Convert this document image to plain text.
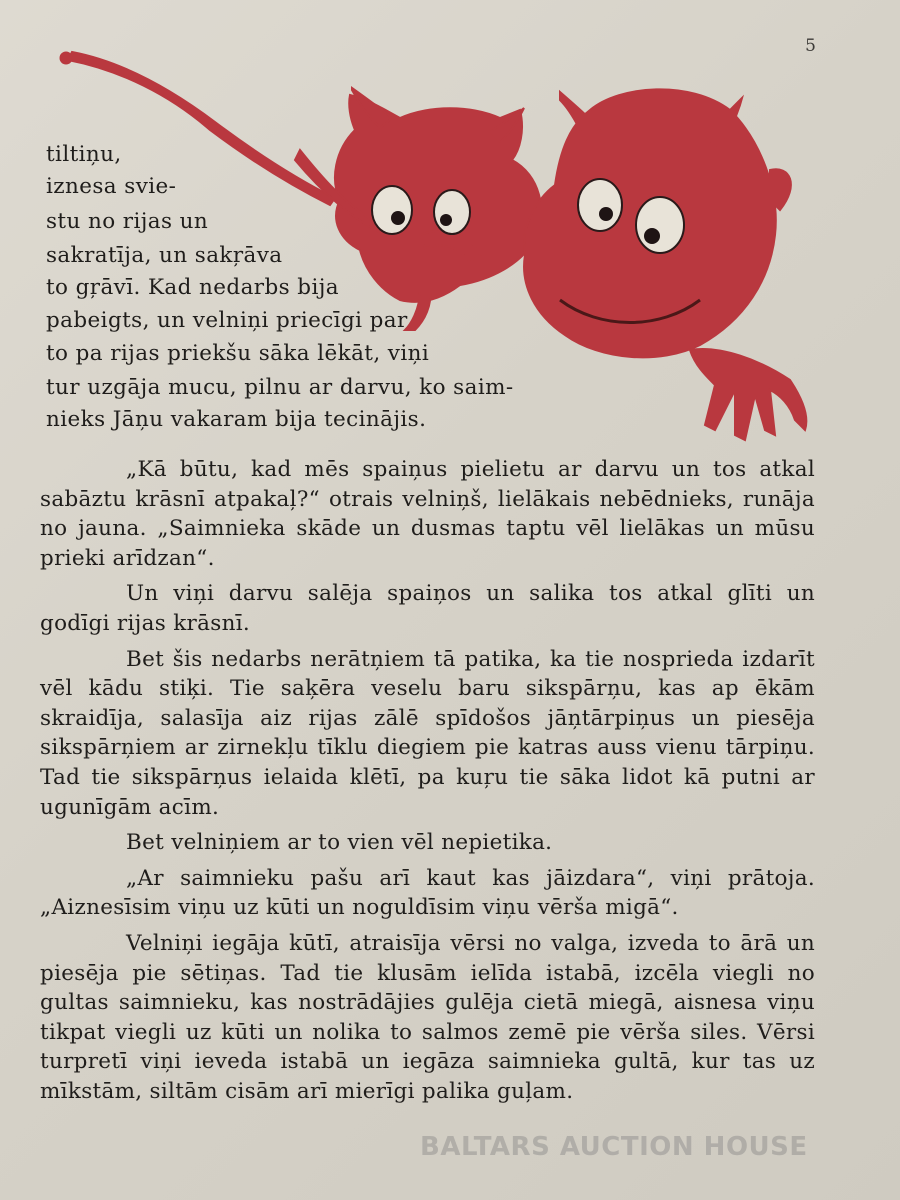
5
tiltiņu,
iznesa svie-
stu no rijas un
sakratīja, un sakŗāva
to gŗāvī. Kad nedarbs bija
pabeigts, un velniņi priecīgi par
to pa rijas priekšu sāka lēkāt, viņi
tur uzgāja mucu, pilnu ar darvu, ko saim-
nieks Jāņu vakaram bija tecinājis.

„Kā būtu, kad mēs spaiņus pielietu ar darvu un tos atkal sabāztu krāsnī atpakaļ?“ otrais velniņš, lielākais nebēdnieks, runāja no jauna. „Saimnieka skāde un dusmas taptu vēl lielākas un mūsu prieki arīdzan“.

Un viņi darvu salēja spaiņos un salika tos atkal glīti un godīgi rijas krāsnī.

Bet šis nedarbs nerātņiem tā patika, ka tie nosprieda izdarīt vēl kādu stiķi. Tie saķēra veselu baru sikspārņu, kas ap ēkām skraidīja, salasīja aiz rijas zālē spīdošos jāņtārpiņus un piesēja sikspārņiem ar zirnekļu tīklu diegiem pie katras auss vienu tārpiņu. Tad tie sikspārņus ielaida klētī, pa kuŗu tie sāka lidot kā putni ar ugunīgām acīm.

Bet velniņiem ar to vien vēl nepietika.

„Ar saimnieku pašu arī kaut kas jāizdara“, viņi prātoja. „Aiznesīsim viņu uz kūti un noguldīsim viņu vērša migā“.

Velniņi iegāja kūtī, atraisīja vērsi no valga, izveda to ārā un piesēja pie sētiņas. Tad tie klusām ielīda istabā, izcēla viegli no gultas saimnieku, kas nostrādājies gulēja cietā miegā, aisnesa viņu tikpat viegli uz kūti un nolika to salmos zemē pie vērša siles. Vērsi turpretī viņi ieveda istabā un iegāza saimnieka gultā, kur tas uz mīkstām, siltām cisām arī mierīgi palika guļam.

BALTARS AUCTION HOUSE
